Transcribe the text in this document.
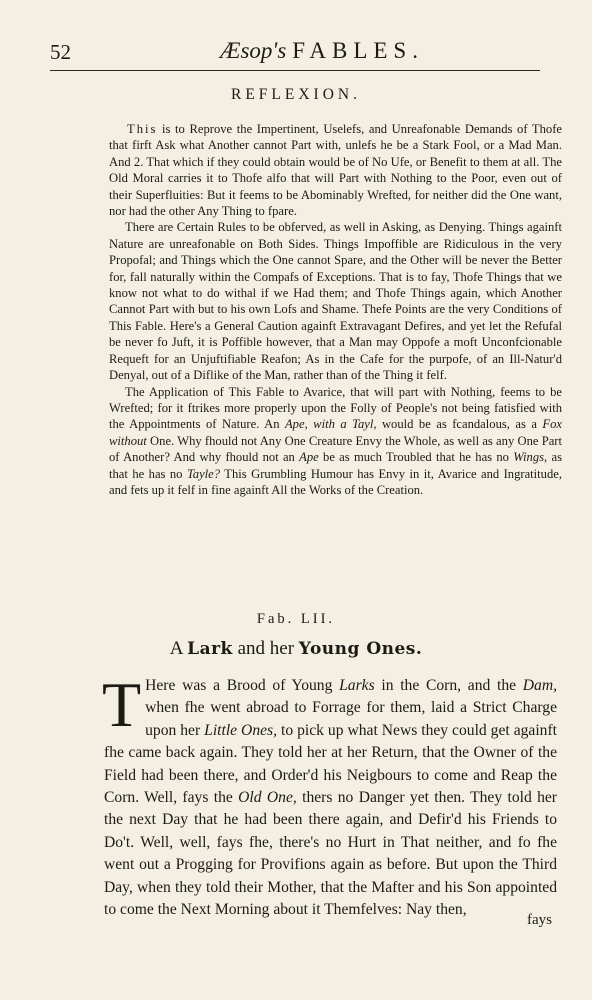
52	Æsop's FABLES.
REFLEXION.

This is to Reprove the Impertinent, Uselefs, and Unreafonable Demands of Thofe that firft Ask what Another cannot Part with, unlefs he be a Stark Fool, or a Mad Man. And 2. That which if they could obtain would be of No Ufe, or Benefit to them at all. The Old Moral carries it to Thofe alfo that will Part with Nothing to the Poor, even out of their Superfluities: But it feems to be Abominably Wrefted, for neither did the One want, nor had the other Any Thing to fpare.

There are Certain Rules to be obferved, as well in Asking, as Denying. Things againft Nature are unreafonable on Both Sides. Things Impoffible are Ridiculous in the very Propofal; and Things which the One cannot Spare, and the Other will be never the Better for, fall naturally within the Compafs of Exceptions. That is to fay, Thofe Things that we know not what to do withal if we Had them; and Thofe Things again, which Another Cannot Part with but to his own Lofs and Shame. Thefe Points are the very Conditions of This Fable. Here's a General Caution againft Extravagant Defires, and yet let the Refufal be never fo Juft, it is Poffible however, that a Man may Oppofe a moft Unconfcionable Requeft for an Unjuftifiable Reafon; As in the Cafe for the purpofe, of an Ill-Natur'd Denyal, out of a Diflike of the Man, rather than of the Thing it felf.

The Application of This Fable to Avarice, that will part with Nothing, feems to be Wrefted; for it ftrikes more properly upon the Folly of People's not being fatisfied with the Appointments of Nature. An Ape, with a Tayl, would be as fcandalous, as a Fox without One. Why fhould not Any One Creature Envy the Whole, as well as any One Part of Another? And why fhould not an Ape be as much Troubled that he has no Wings, as that he has no Tayle? This Grumbling Humour has Envy in it, Avarice and Ingratitude, and fets up it felf in fine againft All the Works of the Creation.

Fab. LII.
A Lark and her Young Ones.
T Here was a Brood of Young Larks in the Corn, and the Dam, when fhe went abroad to Forrage for them, laid a Strict Charge upon her Little Ones, to pick up what News they could get againft fhe came back again. They told her at her Return, that the Owner of the Field had been there, and Order'd his Neigbours to come and Reap the Corn. Well, fays the Old One, thers no Danger yet then. They told her the next Day that he had been there again, and Defir'd his Friends to Do't. Well, well, fays fhe, there's no Hurt in That neither, and fo fhe went out a Progging for Provifions again as before. But upon the Third Day, when they told their Mother, that the Mafter and his Son appointed to come the Next Morning about it Themfelves: Nay then,

fays
